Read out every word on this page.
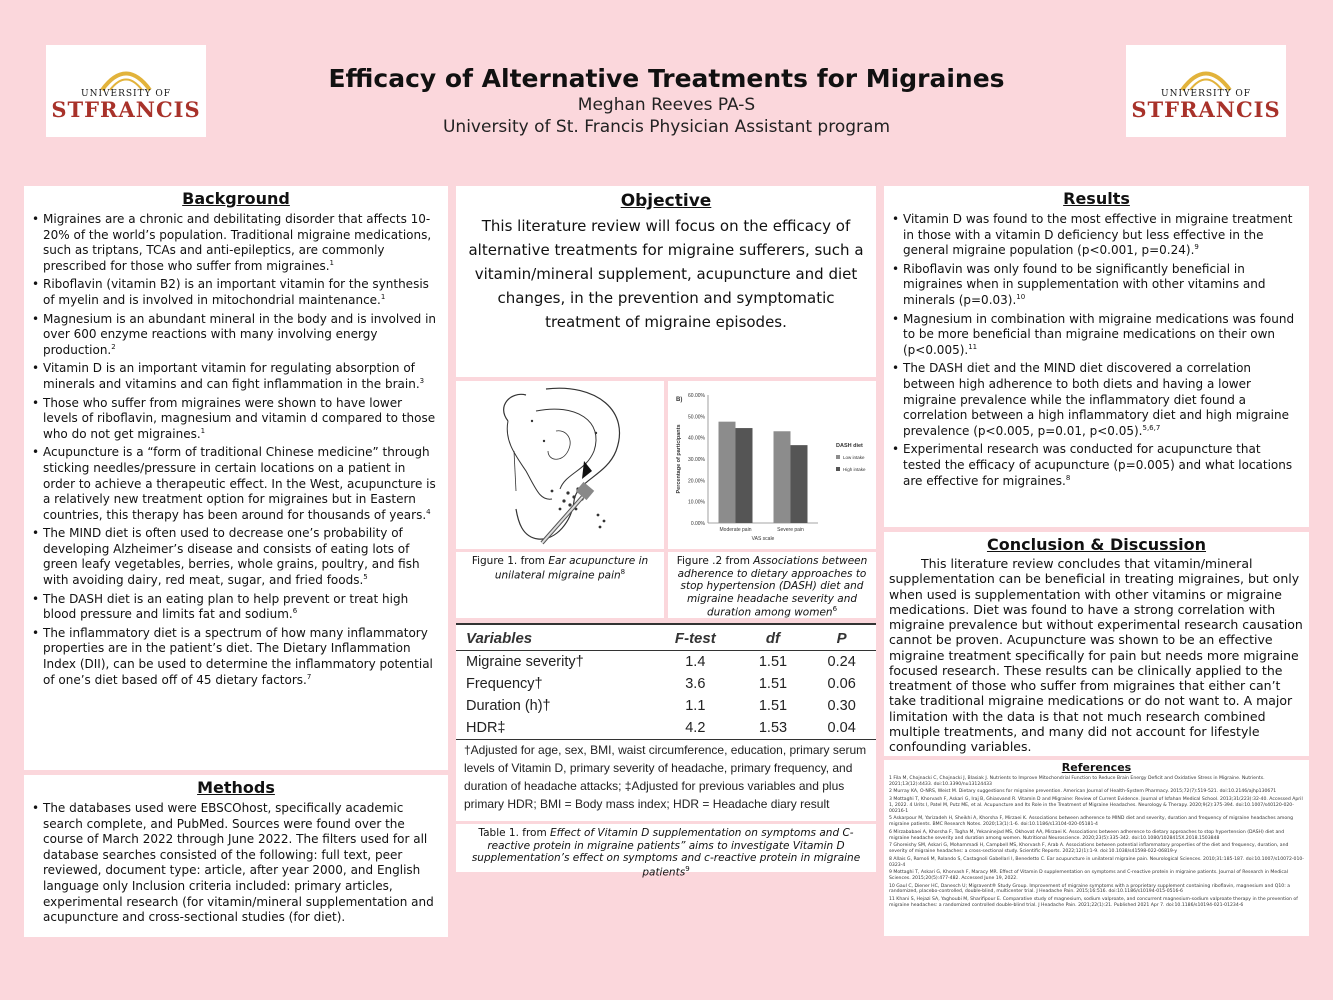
UNIVERSITY OF
STFRANCIS
UNIVERSITY OF
STFRANCIS
Efficacy of Alternative Treatments for Migraines
Meghan Reeves PA-S
University of St. Francis Physician Assistant program
Background
• Migraines are a chronic and debilitating disorder that affects 10-20% of the world’s population. Traditional migraine medications, such as triptans, TCAs and anti-epileptics, are commonly prescribed for those who suffer from migraines.$^1$
• Riboflavin (vitamin B2) is an important vitamin for the synthesis of myelin and is involved in mitochondrial maintenance.$^1$
• Magnesium is an abundant mineral in the body and is involved in over 600 enzyme reactions with many involving energy production.$^2$
• Vitamin D is an important vitamin for regulating absorption of minerals and vitamins and can fight inflammation in the brain.$^3$
• Those who suffer from migraines were shown to have lower levels of riboflavin, magnesium and vitamin d compared to those who do not get migraines.$^1$
• Acupuncture is a “form of traditional Chinese medicine” through sticking needles/pressure in certain locations on a patient in order to achieve a therapeutic effect. In the West, acupuncture is a relatively new treatment option for migraines but in Eastern countries, this therapy has been around for thousands of years.$^4$
• The MIND diet is often used to decrease one’s probability of developing Alzheimer’s disease and consists of eating lots of green leafy vegetables, berries, whole grains, poultry, and fish with avoiding dairy, red meat, sugar, and fried foods.$^5$
• The DASH diet is an eating plan to help prevent or treat high blood pressure and limits fat and sodium.$^6$
• The inflammatory diet is a spectrum of how many inflammatory properties are in the patient’s diet. The Dietary Inflammation Index (DII), can be used to determine the inflammatory potential of one’s diet based off of 45 dietary factors.$^7$
Methods
• The databases used were EBSCOhost, specifically academic search complete, and PubMed. Sources were found over the course of March 2022 through June 2022. The filters used for all database searches consisted of the following: full text, peer reviewed, document type: article, after year 2000, and English language only Inclusion criteria included: primary articles, experimental research (for vitamin/mineral supplementation and acupuncture and cross-sectional studies (for diet).
Objective
This literature review will focus on the efficacy of alternative treatments for migraine sufferers, such a vitamin/mineral supplement, acupuncture and diet changes, in the prevention and symptomatic treatment of migraine episodes.
Figure 1. from Ear acupuncture in unilateral migraine pain$^8$
0.00%
10.00%
20.00%
30.00%
40.00%
50.00%
60.00%
B)
Moderate pain	Severe pain
VAS scale
Percentage of participants	DASH diet
Low intake
High intake
Figure .2 from Associations between adherence to dietary approaches to stop hypertension (DASH) diet and migraine headache severity and duration among women$^6$
Variables	F-test	df	P
Migraine severity†	1.4	1.51	0.24
Frequency†	3.6	1.51	0.06
Duration (h)†	1.1	1.51	0.30
HDR‡	4.2	1.53	0.04
†Adjusted for age, sex, BMI, waist circumference, education, primary serum levels of Vitamin D, primary severity of headache, primary frequency, and duration of headache attacks; ‡Adjusted for previous variables and plus primary HDR; BMI = Body mass index; HDR = Headache diary result
Table 1. from Effect of Vitamin D supplementation on symptoms and C-reactive protein in migraine patients” aims to investigate Vitamin D supplementation’s effect on symptoms and c-reactive protein in migraine patients$^9$
Results
• Vitamin D was found to the most effective in migraine treatment in those with a vitamin D deficiency but less effective in the general migraine population (p<0.001, p=0.24).$^9$
• Riboflavin was only found to be significantly beneficial in migraines when in supplementation with other vitamins and minerals (p=0.03).$^{10}$
• Magnesium in combination with migraine medications was found to be more beneficial than migraine medications on their own (p<0.005).$^{11}$
• The DASH diet and the MIND diet discovered a correlation between high adherence to both diets and having a lower migraine prevalence while the inflammatory diet found a correlation between a high inflammatory diet and high migraine prevalence (p<0.005, p=0.01, p<0.05).$^{5,6,7}$
• Experimental research was conducted for acupuncture that tested the efficacy of acupuncture (p=0.005) and what locations are effective for migraines.$^8$
Conclusion & Discussion
This literature review concludes that vitamin/mineral supplementation can be beneficial in treating migraines, but only when used is supplementation with other vitamins or migraine medications. Diet was found to have a strong correlation with migraine prevalence but without experimental research causation cannot be proven. Acupuncture was shown to be an effective migraine treatment specifically for pain but needs more migraine focused research. These results can be clinically applied to the treatment of those who suffer from migraines that either can’t take traditional migraine medications or do not want to. A major limitation with the data is that not much research combined multiple treatments, and many did not account for lifestyle confounding variables.
References
1 Fila M, Chojnacki C, Chojnacki J, Blasiak J. Nutrients to Improve Mitochondrial Function to Reduce Brain Energy Deficit and Oxidative Stress in Migraine. Nutrients. 2021;13(12):4433. doi:10.3390/nu13124433
2 Murray KA, O-NRS, Weist M. Dietary suggestions for migraine prevention. American Journal of Health-System Pharmacy. 2015;72(7):519-521. doi:10.2146/ajhp130671
3 Mottaghi T, Khorvash F, Askari G, Iraj B, Ghiasvand R. Vitamin D and Migraine: Review of Current Evidence. Journal of Isfahan Medical School. 2013;31(223):32-40. Accessed April 1, 2022. 4 Urits I, Patel M, Putz ME, et al. Acupuncture and Its Role in the Treatment of Migraine Headaches. Neurology & Therapy. 2020;9(2):375-394. doi:10.1007/s40120-020-00216-1
5 Askarpour M, Yarizadeh H, Sheikhi A, Khorsha F, Mirzaei K. Associations between adherence to MIND diet and severity, duration and frequency of migraine headaches among migraine patients. BMC Research Notes. 2020;13(1):1-6. doi:10.1186/s13104-020-05181-4
6 Mirzababaei A, Khorsha F, Togha M, Yekaninejad MS, Okhovat AA, Mirzaei K. Associations between adherence to dietary approaches to stop hypertension (DASH) diet and migraine headache severity and duration among women. Nutritional Neuroscience. 2020;23(5):335-342. doi:10.1080/1028415X.2018.1503848
7 Ghoreishy SM, Askari G, Mohammadi H, Campbell MS, Khorvash F, Arab A. Associations between potential inflammatory properties of the diet and frequency, duration, and severity of migraine headaches: a cross-sectional study. Scientific Reports. 2022;12(1):1-9. doi:10.1038/s41598-022-06819-y
8 Allais G, Romoli M, Rolando S, Castagnoli Gabellari I, Benedetto C. Ear acupuncture in unilateral migraine pain. Neurological Sciences. 2010;31:185-187. doi:10.1007/s10072-010-0323-4
9 Mottaghi T, Askari G, Khorvash F, Maracy MR. Effect of Vitamin D supplementation on symptoms and C-reactive protein in migraine patients. Journal of Research in Medical Sciences. 2015;20(5):477-482. Accessed June 19, 2022.
10 Gaul C, Diener HC, Danesch U; Migravent® Study Group. Improvement of migraine symptoms with a proprietary supplement containing riboflavin, magnesium and Q10: a randomized, placebo-controlled, double-blind, multicenter trial. J Headache Pain. 2015;16:516. doi:10.1186/s10194-015-0516-6
11 Khani S, Hejazi SA, Yaghoubi M, Sharifipour E. Comparative study of magnesium, sodium valproate, and concurrent magnesium-sodium valproate therapy in the prevention of migraine headaches: a randomized controlled double-blind trial. J Headache Pain. 2021;22(1):21. Published 2021 Apr 7. doi:10.1186/s10194-021-01234-6
